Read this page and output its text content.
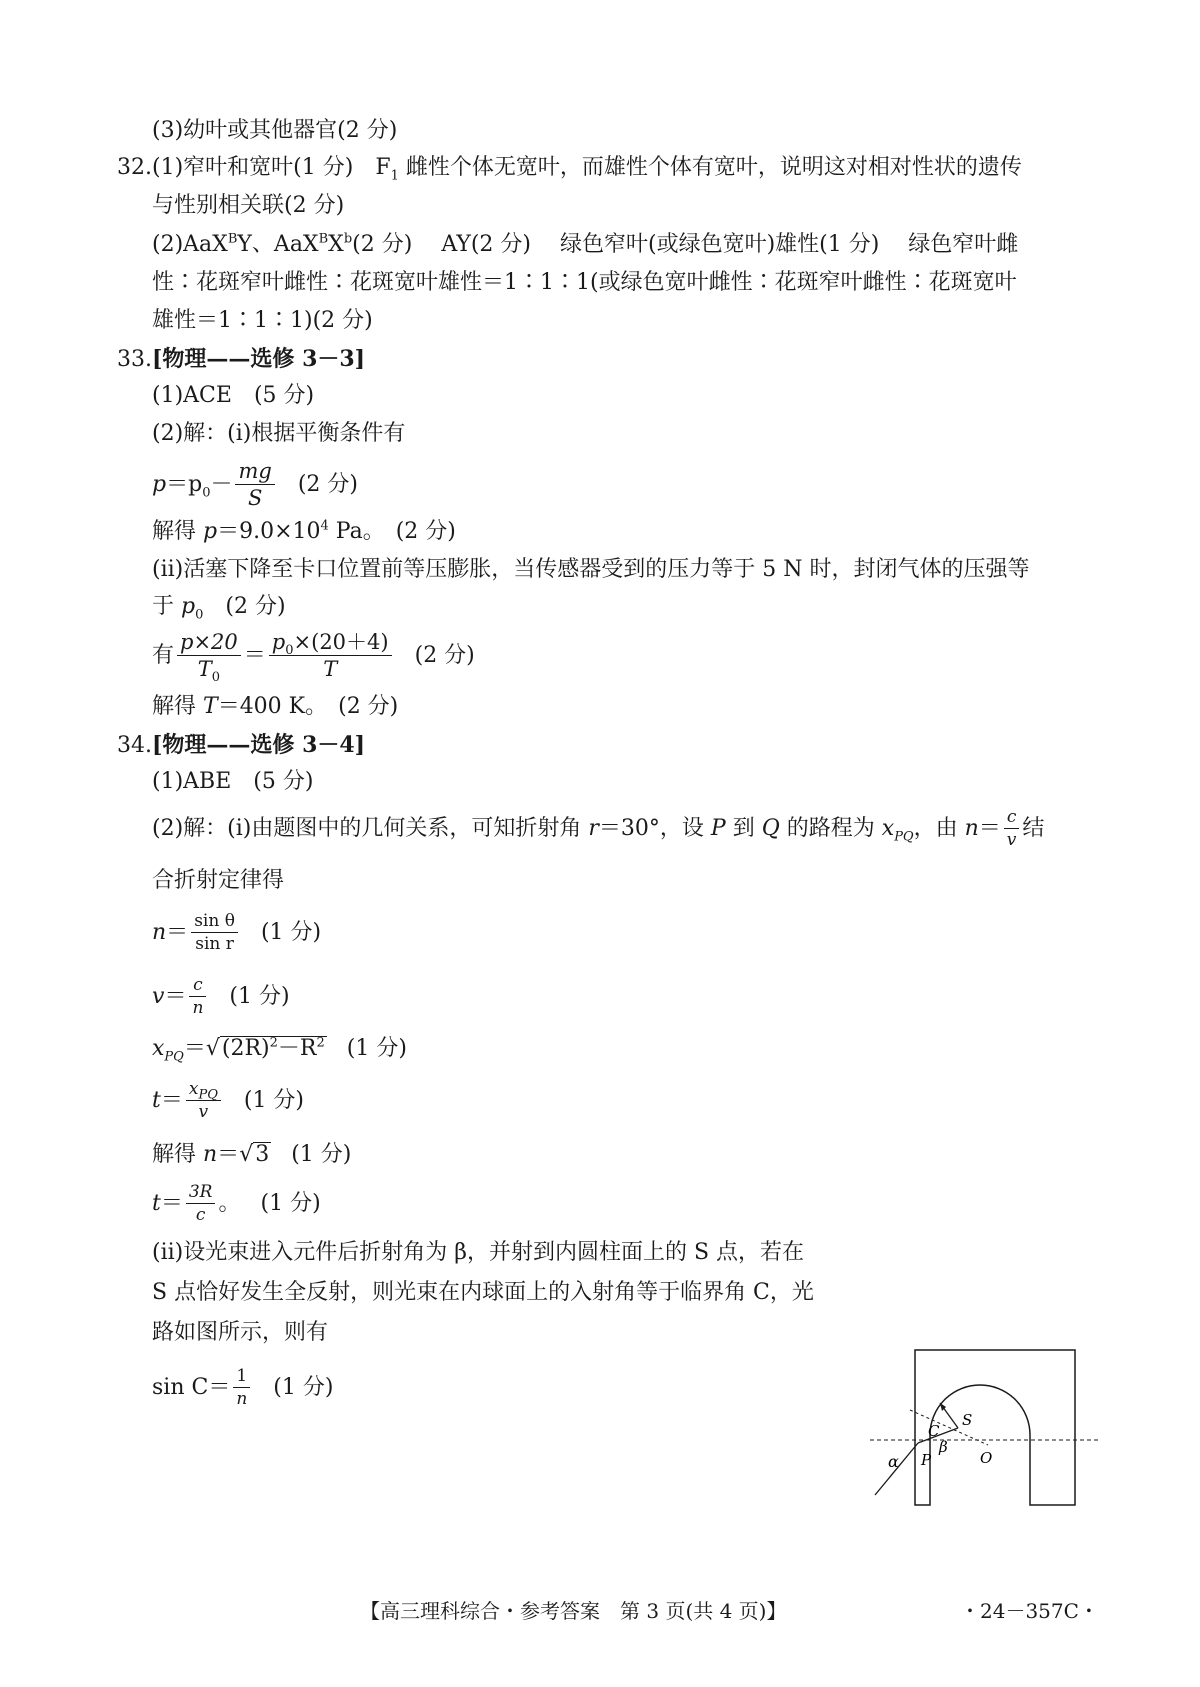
(3)幼叶或其他器官(2 分)
32.(1)窄叶和宽叶(1 分)　 $F_1$ 雌性个体无宽叶，而雄性个体有宽叶，说明这对相对性状的遗传
与性别相关联(2 分)
(2)AaX$^B$Y、$AaX^BX^b(2$ 分)　 AY(2 分)　 绿色窄叶(或绿色宽叶)雄性(1 分)　 绿色窄叶雌
性∶花斑窄叶雌性∶花斑宽叶雄性＝1∶1∶1(或绿色宽叶雌性∶花斑窄叶雌性∶花斑宽叶
雄性＝1∶1∶1)(2 分)
33.[物理——选修 3－3]
(1)ACE　(5 分)
(2)解：(ⅰ)根据平衡条件有
$p=p_0- \frac{mg}{S} (2$ 分)
解得 $p=9.0\times 10^4$ Pa。　(2 分)
(ⅱ)活塞下降至卡口位置前等压膨胀，当传感器受到的压力等于 5 N 时，封闭气体的压强等
于 $p_0$　(2 分)
有 $\frac{p\times 20}{T_0} = \frac{p_0\times(20+4)}{T} (2$ 分)
解得 T＝400 K。　(2 分)
34.[物理——选修 3－4]
(1)ABE　(5 分)
(2)解：(ⅰ)由题图中的几何关系，可知折射角 r＝30°，设 P 到 Q 的路程为 $x_{PQ}$，由 $n= \frac{c}{v}$ 结
合折射定律得
$n= \frac{\text{sin θ}}{\text{sin r}} (1$ 分)
$v= \frac{c}{n} (1$ 分)
$x_{PQ}=√(2R)^2-R^2$ (1 分)
$t= \frac{x_{PQ}}{v} (1$ 分)
解得 n＝√3 (1 分)
$t= \frac{3R}{c}$ 。 (1 分)
(ⅱ)设光束进入元件后折射角为 β，并射到内圆柱面上的 S 点，若在
S 点恰好发生全反射，则光束在内球面上的入射角等于临界角 C，光
路如图所示，则有
$\sin C= \frac{1}{n} (1$ 分)
α
C
S
β
P	O
【高三理科综合・参考答案　第 3 页(共 4 页)】	・24－357C・
